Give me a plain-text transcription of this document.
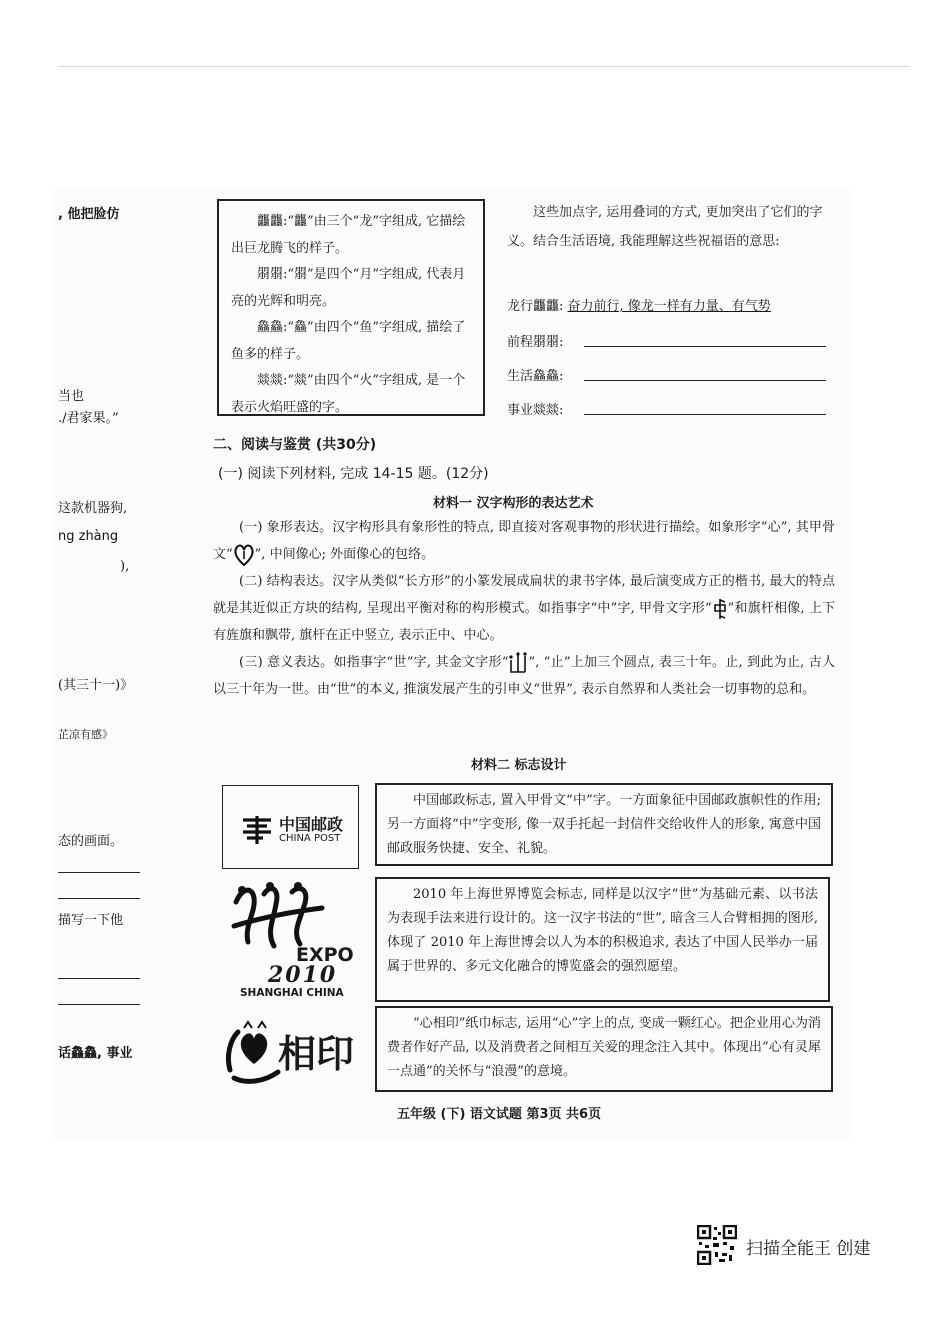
, 他把脸仿
当也
./君家果。”
这款机器狗,
ng zhàng
),
(其三十一)》
芷凉有感》
态的画面。
描写一下他
话鱻鱻, 事业

龘龘:“龘”由三个“龙”字组成, 它描绘出巨龙腾飞的样子。

朤朤:“朤”是四个“月”字组成, 代表月亮的光辉和明亮。

鱻鱻:“鱻”由四个“鱼”字组成, 描绘了鱼多的样子。

燚燚:“燚”由四个“火”字组成, 是一个表示火焰旺盛的字。

这些加点字, 运用叠词的方式, 更加突出了它们的字义。结合生活语境, 我能理解这些祝福语的意思:
龙行龘龘: 奋力前行, 像龙一样有力量、有气势
前程朤朤:
生活鱻鱻:
事业燚燚:
二、阅读与鉴赏 (共30分)
(一) 阅读下列材料, 完成 14-15 题。(12分)
材料一 汉字构形的表达艺术

(一) 象形表达。汉字构形具有象形性的特点, 即直接对客观事物的形状进行描绘。如象形字“心”, 其甲骨文“ ”, 中间像心; 外面像心的包络。

(二) 结构表达。汉字从类似“长方形”的小篆发展成扁状的隶书字体, 最后演变成方正的楷书, 最大的特点就是其近似正方块的结构, 呈现出平衡对称的构形模式。如指事字“中”字, 甲骨文字形“ ”和旗杆相像, 上下有旌旗和飘带, 旗杆在正中竖立, 表示正中、中心。

(三) 意义表达。如指事字“世”字, 其金文字形“ ”, “止”上加三个圆点, 表三十年。止, 到此为止, 古人以三十年为一世。由“世”的本义, 推演发展产生的引申义“世界”, 表示自然界和人类社会一切事物的总和。

材料二 标志设计
中国邮政
CHINA POST

中国邮政标志, 置入甲骨文“中”字。一方面象征中国邮政旗帜性的作用; 另一方面将“中”字变形, 像一双手托起一封信件交给收件人的形象, 寓意中国邮政服务快捷、安全、礼貌。

EXPO
2010
SHANGHAI CHINA

2010 年上海世界博览会标志, 同样是以汉字“世”为基础元素、以书法为表现手法来进行设计的。这一汉字书法的“世”, 暗含三人合臂相拥的图形, 体现了 2010 年上海世博会以人为本的积极追求, 表达了中国人民举办一届属于世界的、多元文化融合的博览盛会的强烈愿望。

相印

“心相印”纸巾标志, 运用“心”字上的点, 变成一颗红心。把企业用心为消费者作好产品, 以及消费者之间相互关爱的理念注入其中。体现出“心有灵犀一点通”的关怀与“浪漫”的意境。

五年级 (下) 语文试题 第3页 共6页
扫描全能王 创建
